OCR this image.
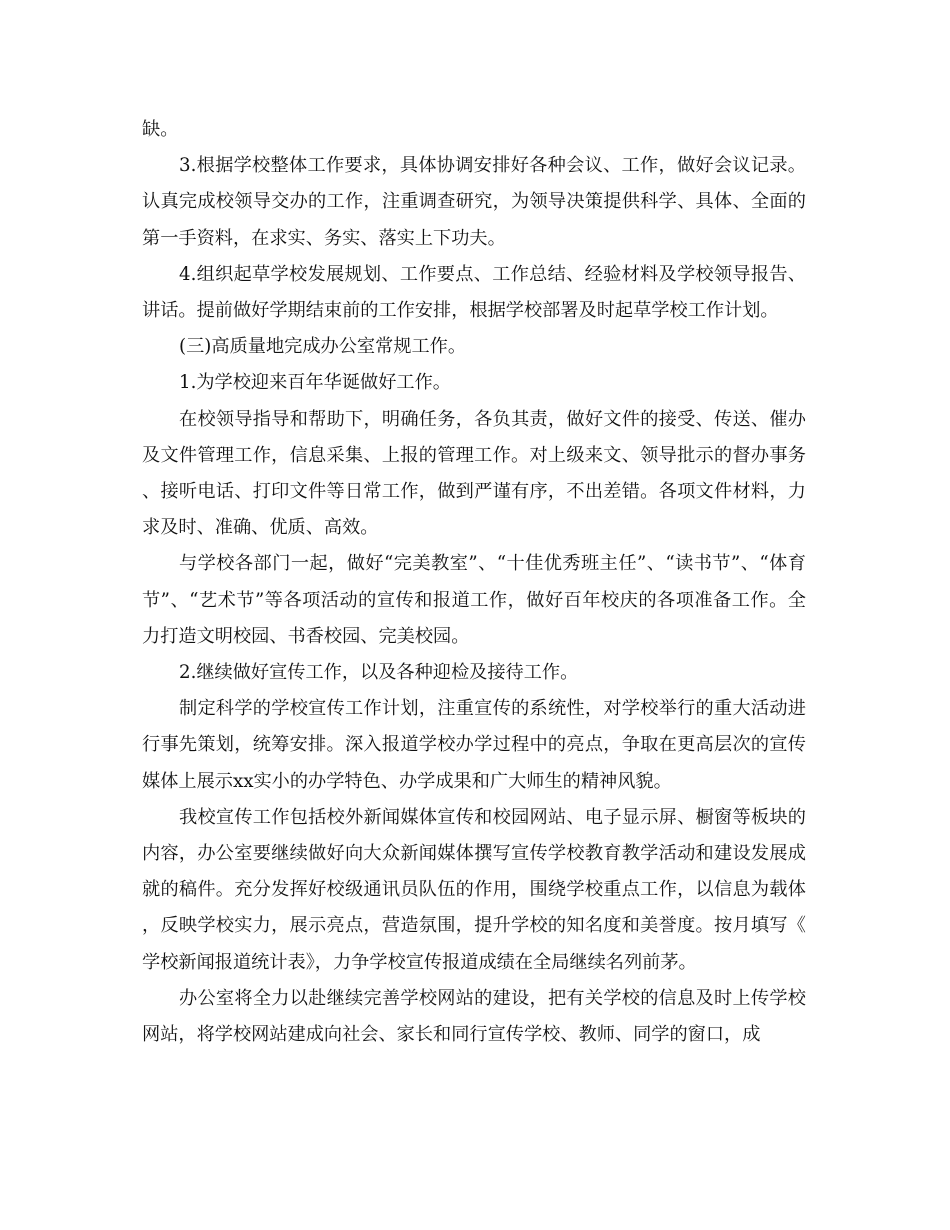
缺。

3.根据学校整体工作要求，具体协调安排好各种会议、工作，做好会议记录。认真完成校领导交办的工作，注重调查研究，为领导决策提供科学、具体、全面的第一手资料，在求实、务实、落实上下功夫。

4.组织起草学校发展规划、工作要点、工作总结、经验材料及学校领导报告、讲话。提前做好学期结束前的工作安排，根据学校部署及时起草学校工作计划。

(三)高质量地完成办公室常规工作。

1.为学校迎来百年华诞做好工作。

在校领导指导和帮助下，明确任务，各负其责，做好文件的接受、传送、催办及文件管理工作，信息采集、上报的管理工作。对上级来文、领导批示的督办事务、接听电话、打印文件等日常工作，做到严谨有序，不出差错。各项文件材料，力求及时、准确、优质、高效。

与学校各部门一起，做好“完美教室”、“十佳优秀班主任”、“读书节”、“体育节”、“艺术节”等各项活动的宣传和报道工作，做好百年校庆的各项准备工作。全力打造文明校园、书香校园、完美校园。

2.继续做好宣传工作，以及各种迎检及接待工作。

制定科学的学校宣传工作计划，注重宣传的系统性，对学校举行的重大活动进行事先策划，统筹安排。深入报道学校办学过程中的亮点，争取在更高层次的宣传媒体上展示xx实小的办学特色、办学成果和广大师生的精神风貌。

我校宣传工作包括校外新闻媒体宣传和校园网站、电子显示屏、橱窗等板块的内容，办公室要继续做好向大众新闻媒体撰写宣传学校教育教学活动和建设发展成就的稿件。充分发挥好校级通讯员队伍的作用，围绕学校重点工作，以信息为载体，反映学校实力，展示亮点，营造氛围，提升学校的知名度和美誉度。按月填写《学校新闻报道统计表》，力争学校宣传报道成绩在全局继续名列前茅。

办公室将全力以赴继续完善学校网站的建设，把有关学校的信息及时上传学校网站，将学校网站建成向社会、家长和同行宣传学校、教师、同学的窗口，成
